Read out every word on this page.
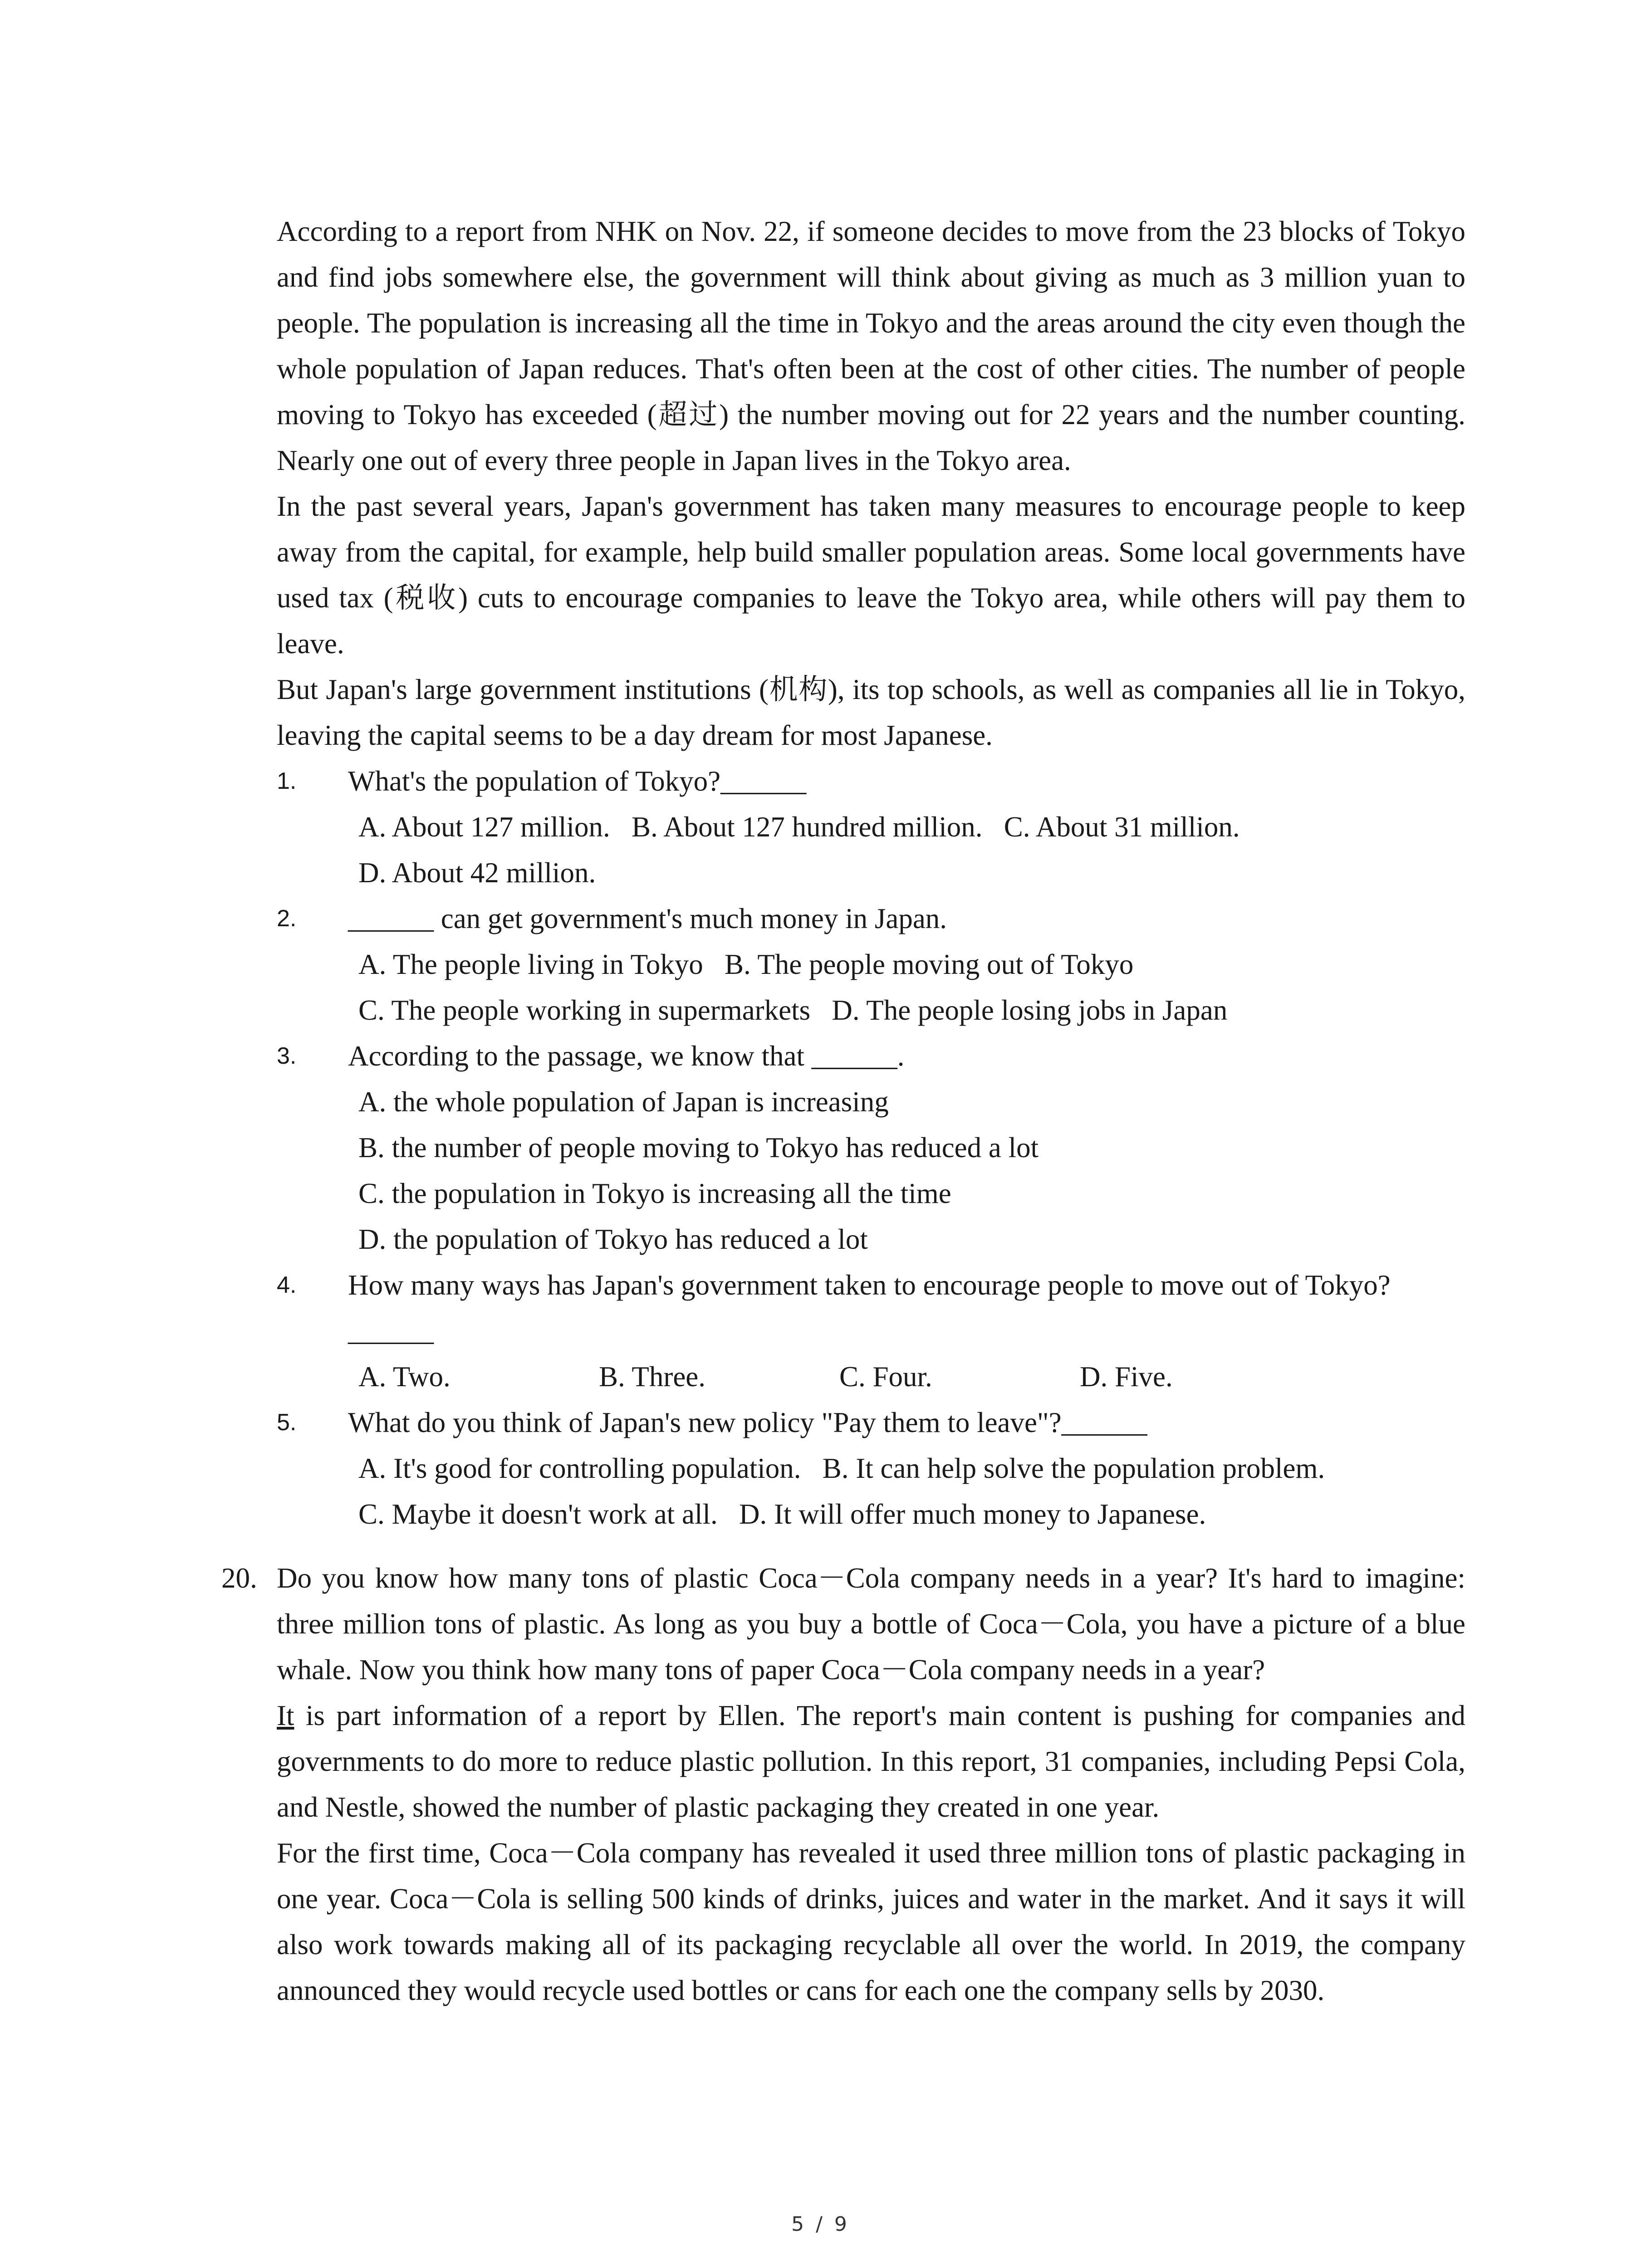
According to a report from NHK on Nov. 22, if someone decides to move from the 23 blocks of Tokyo and find jobs somewhere else, the government will think about giving as much as 3 million yuan to people. The population is increasing all the time in Tokyo and the areas around the city even though the whole population of Japan reduces. That's often been at the cost of other cities. The number of people moving to Tokyo has exceeded (超过) the number moving out for 22 years and the number counting. Nearly one out of every three people in Japan lives in the Tokyo area.

In the past several years, Japan's government has taken many measures to encourage people to keep away from the capital, for example, help build smaller population areas. Some local governments have used tax (税收) cuts to encourage companies to leave the Tokyo area, while others will pay them to leave.

But Japan's large government institutions (机构), its top schools, as well as companies all lie in Tokyo, leaving the capital seems to be a day dream for most Japanese.

1. What's the population of Tokyo?______

A. About 127 million.   B. About 127 hundred million.   C. About 31 million.

D. About 42 million.

2. ______ can get government's much money in Japan.

A. The people living in Tokyo   B. The people moving out of Tokyo

C. The people working in supermarkets   D. The people losing jobs in Japan

3. According to the passage, we know that ______.

A. the whole population of Japan is increasing

B. the number of people moving to Tokyo has reduced a lot

C. the population in Tokyo is increasing all the time

D. the population of Tokyo has reduced a lot

4. How many ways has Japan's government taken to encourage people to move out of Tokyo?______
A. Two.	B. Three.	C. Four.	D. Five.
5. What do you think of Japan's new policy "Pay them to leave"?______

A. It's good for controlling population.   B. It can help solve the population problem.

C. Maybe it doesn't work at all.   D. It will offer much money to Japanese.

20. Do you know how many tons of plastic Coca－Cola company needs in a year? It's hard to imagine: three million tons of plastic. As long as you buy a bottle of Coca－Cola, you have a picture of a blue whale. Now you think how many tons of paper Coca－Cola company needs in a year?

It is part information of a report by Ellen. The report's main content is pushing for companies and governments to do more to reduce plastic pollution. In this report, 31 companies, including Pepsi Cola, and Nestle, showed the number of plastic packaging they created in one year.

For the first time, Coca－Cola company has revealed it used three million tons of plastic packaging in one year. Coca－Cola is selling 500 kinds of drinks, juices and water in the market. And it says it will also work towards making all of its packaging recyclable all over the world. In 2019, the company announced they would recycle used bottles or cans for each one the company sells by 2030.

5 / 9
